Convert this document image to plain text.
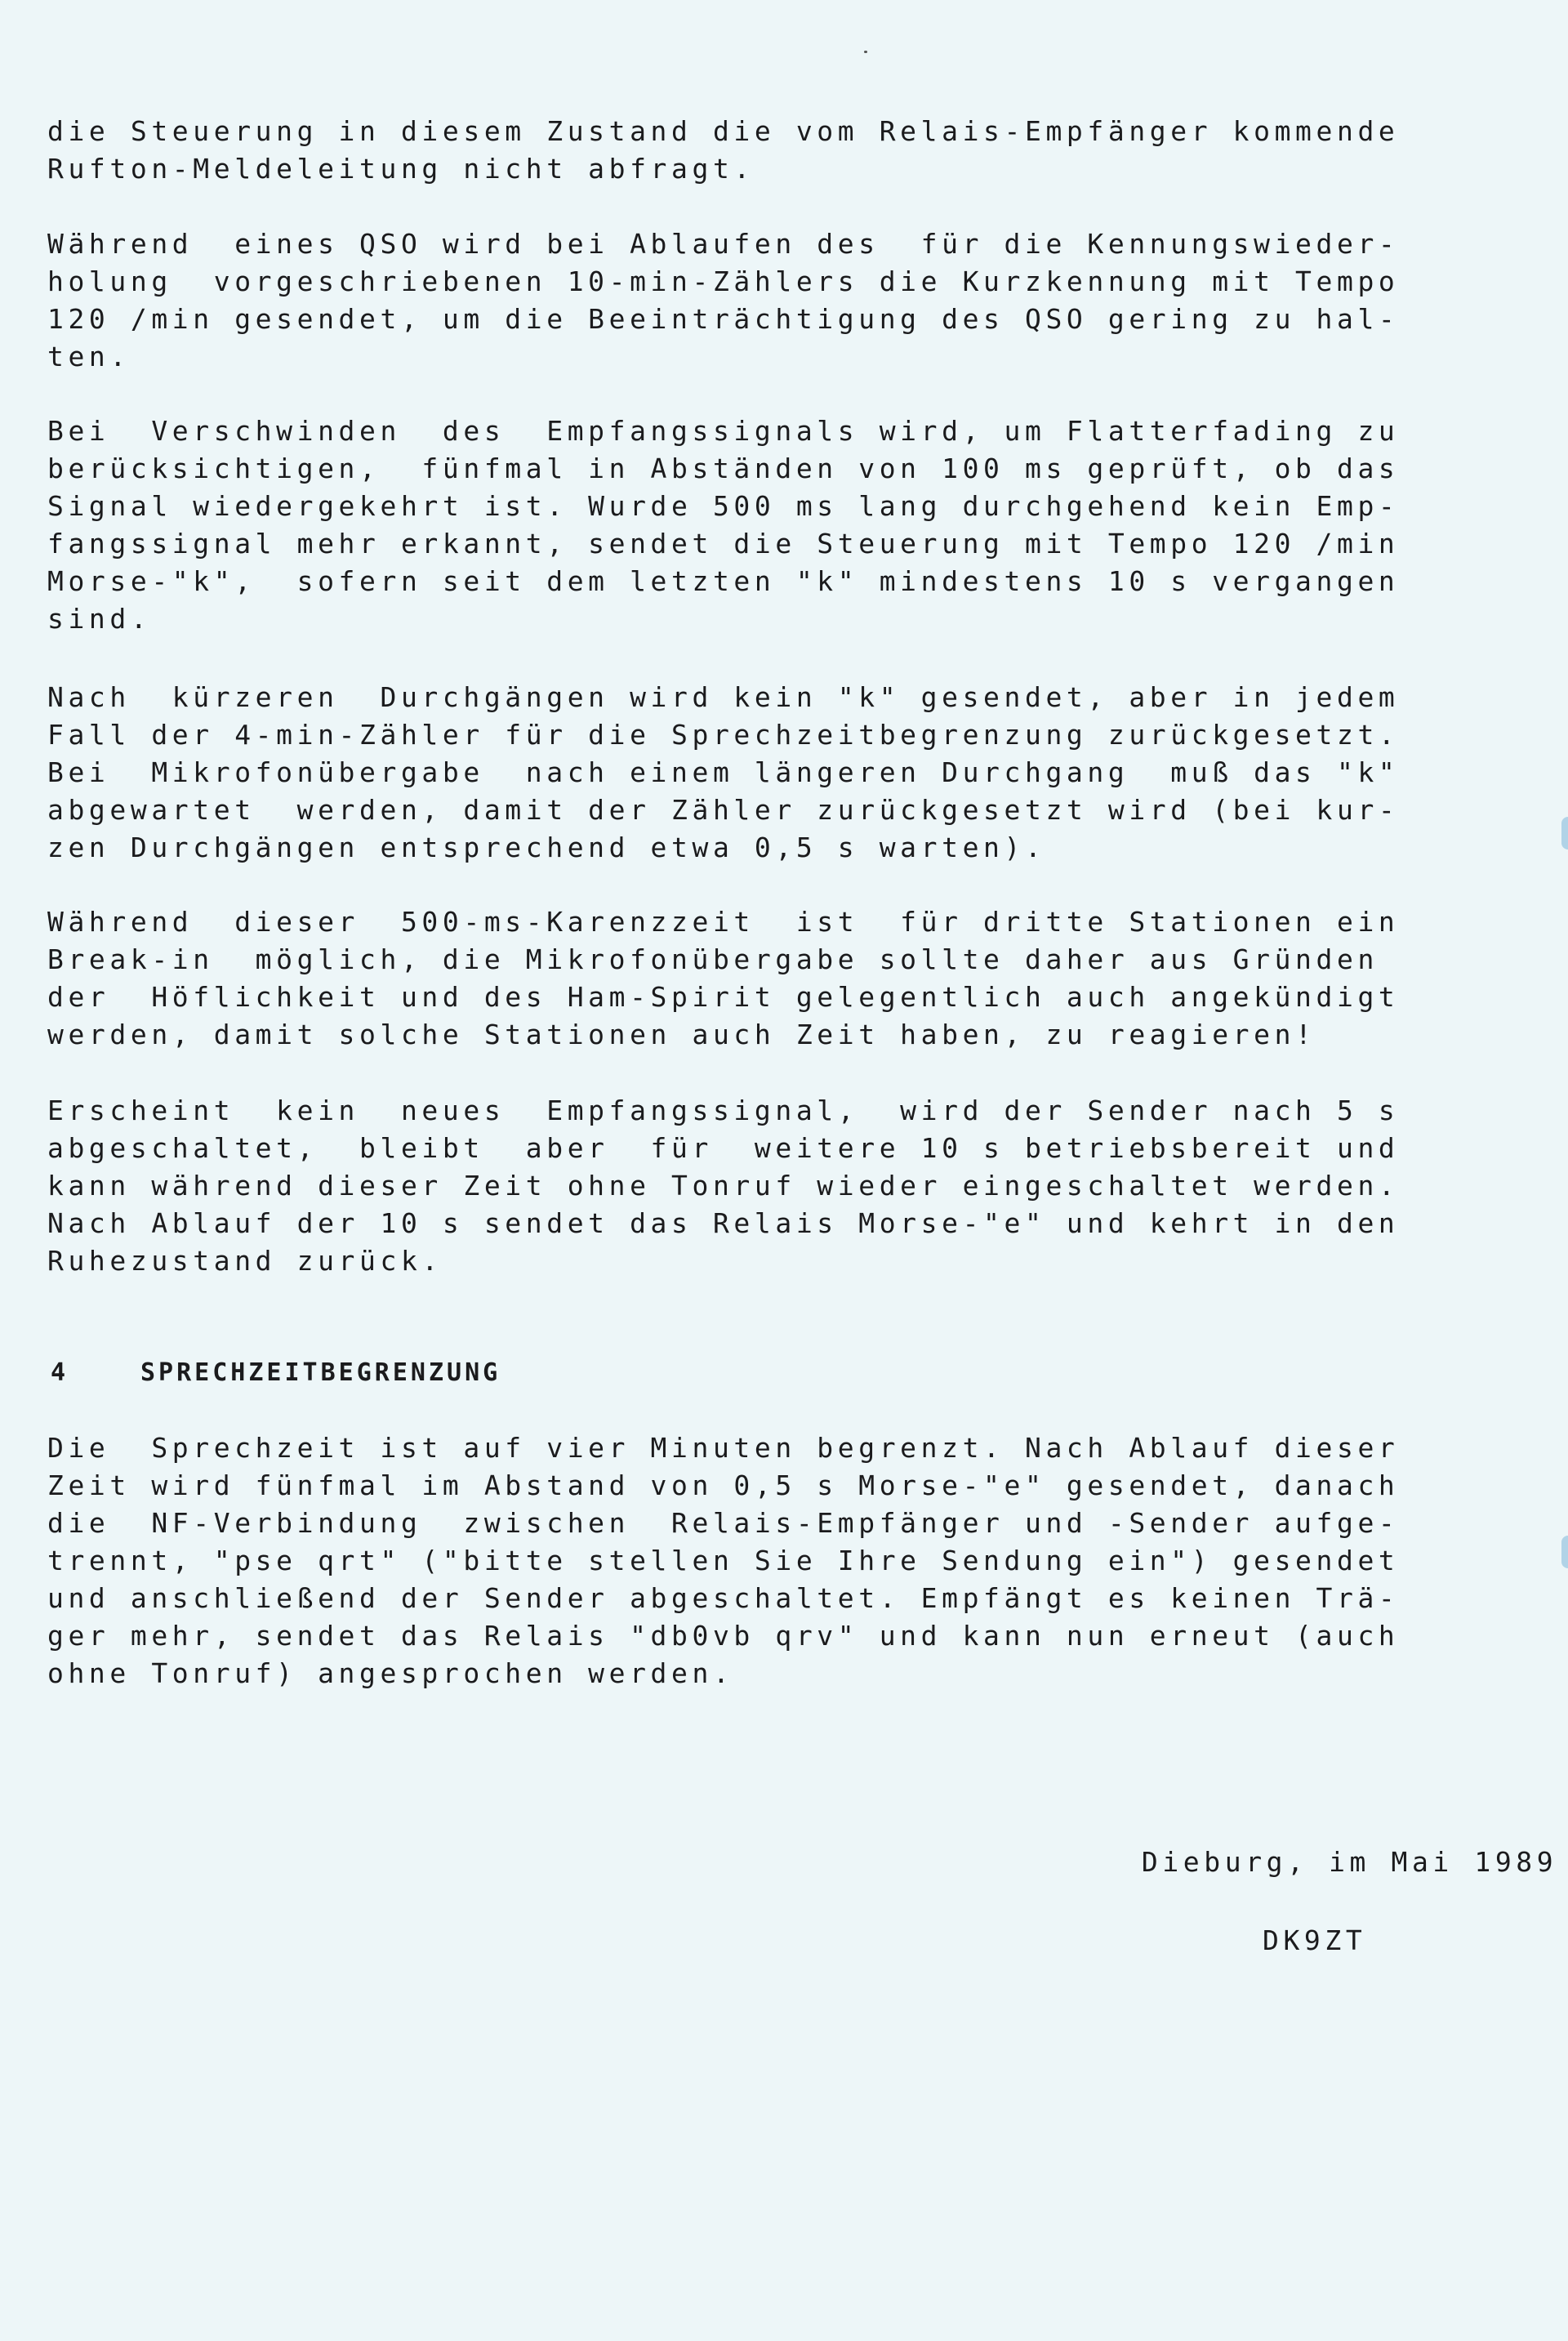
die Steuerung in diesem Zustand die vom Relais-Empfänger kommende
Rufton-Meldeleitung nicht abfragt.

Während  eines QSO wird bei Ablaufen des  für die Kennungswieder-
holung  vorgeschriebenen 10-min-Zählers die Kurzkennung mit Tempo
120 /min gesendet, um die Beeinträchtigung des QSO gering zu hal-
ten.

Bei  Verschwinden  des  Empfangssignals wird, um Flatterfading zu
berücksichtigen,  fünfmal in Abständen von 100 ms geprüft, ob das
Signal wiedergekehrt ist. Wurde 500 ms lang durchgehend kein Emp-
fangssignal mehr erkannt, sendet die Steuerung mit Tempo 120 /min
Morse-"k",  sofern seit dem letzten "k" mindestens 10 s vergangen
sind.

Nach  kürzeren  Durchgängen wird kein "k" gesendet, aber in jedem
Fall der 4-min-Zähler für die Sprechzeitbegrenzung zurückgesetzt.
Bei  Mikrofonübergabe  nach einem längeren Durchgang  muß das "k"
abgewartet  werden, damit der Zähler zurückgesetzt wird (bei kur-
zen Durchgängen entsprechend etwa 0,5 s warten).

Während  dieser  500-ms-Karenzzeit  ist  für dritte Stationen ein
Break-in  möglich, die Mikrofonübergabe sollte daher aus Gründen
der  Höflichkeit und des Ham-Spirit gelegentlich auch angekündigt
werden, damit solche Stationen auch Zeit haben, zu reagieren!

Erscheint  kein  neues  Empfangssignal,  wird der Sender nach 5 s
abgeschaltet,  bleibt  aber  für  weitere 10 s betriebsbereit und
kann während dieser Zeit ohne Tonruf wieder eingeschaltet werden.
Nach Ablauf der 10 s sendet das Relais Morse-"e" und kehrt in den
Ruhezustand zurück.

4	SPRECHZEITBEGRENZUNG

Die  Sprechzeit ist auf vier Minuten begrenzt. Nach Ablauf dieser
Zeit wird fünfmal im Abstand von 0,5 s Morse-"e" gesendet, danach
die  NF-Verbindung  zwischen  Relais-Empfänger und -Sender aufge-
trennt, "pse qrt" ("bitte stellen Sie Ihre Sendung ein") gesendet
und anschließend der Sender abgeschaltet. Empfängt es keinen Trä-
ger mehr, sendet das Relais "db0vb qrv" und kann nun erneut (auch
ohne Tonruf) angesprochen werden.

Dieburg, im Mai 1989

DK9ZT
